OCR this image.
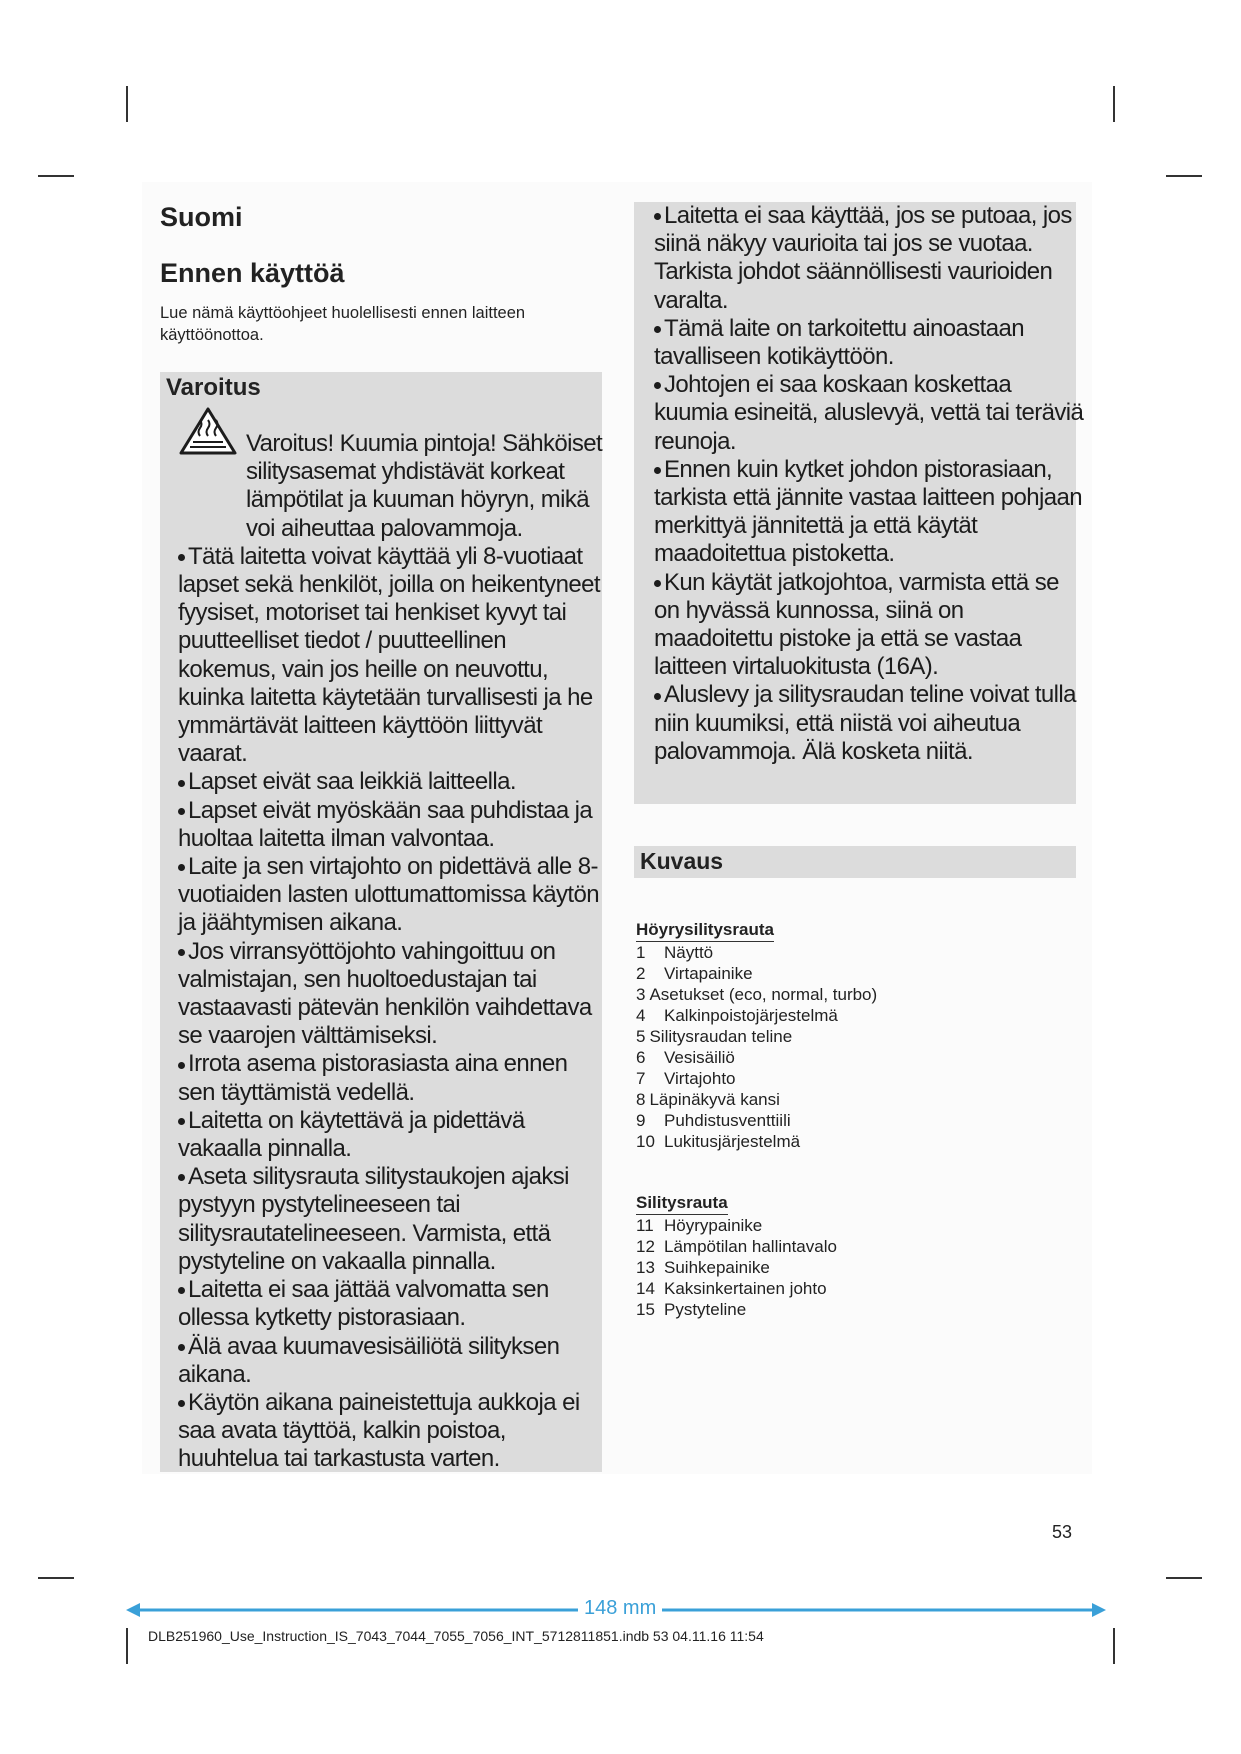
Suomi
Ennen käyttöä
Lue nämä käyttöohjeet huolellisesti ennen laitteen käyttöönottoa.
Varoitus

Varoitus! Kuumia pintoja! Sähköiset silitysasemat yhdistävät korkeat lämpötilat ja kuuman höyryn, mikä voi aiheuttaa palovammoja.

Tätä laitetta voivat käyttää yli 8-vuotiaat lapset sekä henkilöt, joilla on heikentyneet fyysiset, motoriset tai henkiset kyvyt tai puutteelliset tiedot / puutteellinen kokemus, vain jos heille on neuvottu, kuinka laitetta käytetään turvallisesti ja he ymmärtävät laitteen käyttöön liittyvät vaarat.

Lapset eivät saa leikkiä laitteella.

Lapset eivät myöskään saa puhdistaa ja huoltaa laitetta ilman valvontaa.

Laite ja sen virtajohto on pidettävä alle 8-vuotiaiden lasten ulottumattomissa käytön ja jäähtymisen aikana.

Jos virransyöttöjohto vahingoittuu on valmistajan, sen huoltoedustajan tai vastaavasti pätevän henkilön vaihdettava se vaarojen välttämiseksi.

Irrota asema pistorasiasta aina ennen sen täyttämistä vedellä.

Laitetta on käytettävä ja pidettävä vakaalla pinnalla.

Aseta silitysrauta silitystaukojen ajaksi pystyyn pystytelineeseen tai silitysrautatelineeseen. Varmista, että pystyteline on vakaalla pinnalla.

Laitetta ei saa jättää valvomatta sen ollessa kytketty pistorasiaan.

Älä avaa kuumavesisäiliötä silityksen aikana.

Käytön aikana paineistettuja aukkoja ei saa avata täyttöä, kalkin poistoa, huuhtelua tai tarkastusta varten.

Laitetta ei saa käyttää, jos se putoaa, jos siinä näkyy vaurioita tai jos se vuotaa. Tarkista johdot säännöllisesti vaurioiden varalta.

Tämä laite on tarkoitettu ainoastaan tavalliseen kotikäyttöön.

Johtojen ei saa koskaan koskettaa kuumia esineitä, aluslevyä, vettä tai teräviä reunoja.

Ennen kuin kytket johdon pistorasiaan, tarkista että jännite vastaa laitteen pohjaan merkittyä jännitettä ja että käytät maadoitettua pistoketta.

Kun käytät jatkojohtoa, varmista että se on hyvässä kunnossa, siinä on maadoitettu pistoke ja että se vastaa laitteen virtaluokitusta (16A).

Aluslevy ja silitysraudan teline voivat tulla niin kuumiksi, että niistä voi aiheutua palovammoja. Älä kosketa niitä.

Kuvaus
Höyrysilitysrauta
1 Näyttö
2 Virtapainike
3 Asetukset (eco, normal, turbo)
4 Kalkinpoistojärjestelmä
5 Silitysraudan teline
6 Vesisäiliö
7 Virtajohto
8 Läpinäkyvä kansi
9 Puhdistusventtiili
10 Lukitusjärjestelmä
Silitysrauta
11 Höyrypainike
12 Lämpötilan hallintavalo
13 Suihkepainike
14 Kaksinkertainen johto
15 Pystyteline
53
148 mm
DLB251960_Use_Instruction_IS_7043_7044_7055_7056_INT_5712811851.indb 53 04.11.16 11:54
